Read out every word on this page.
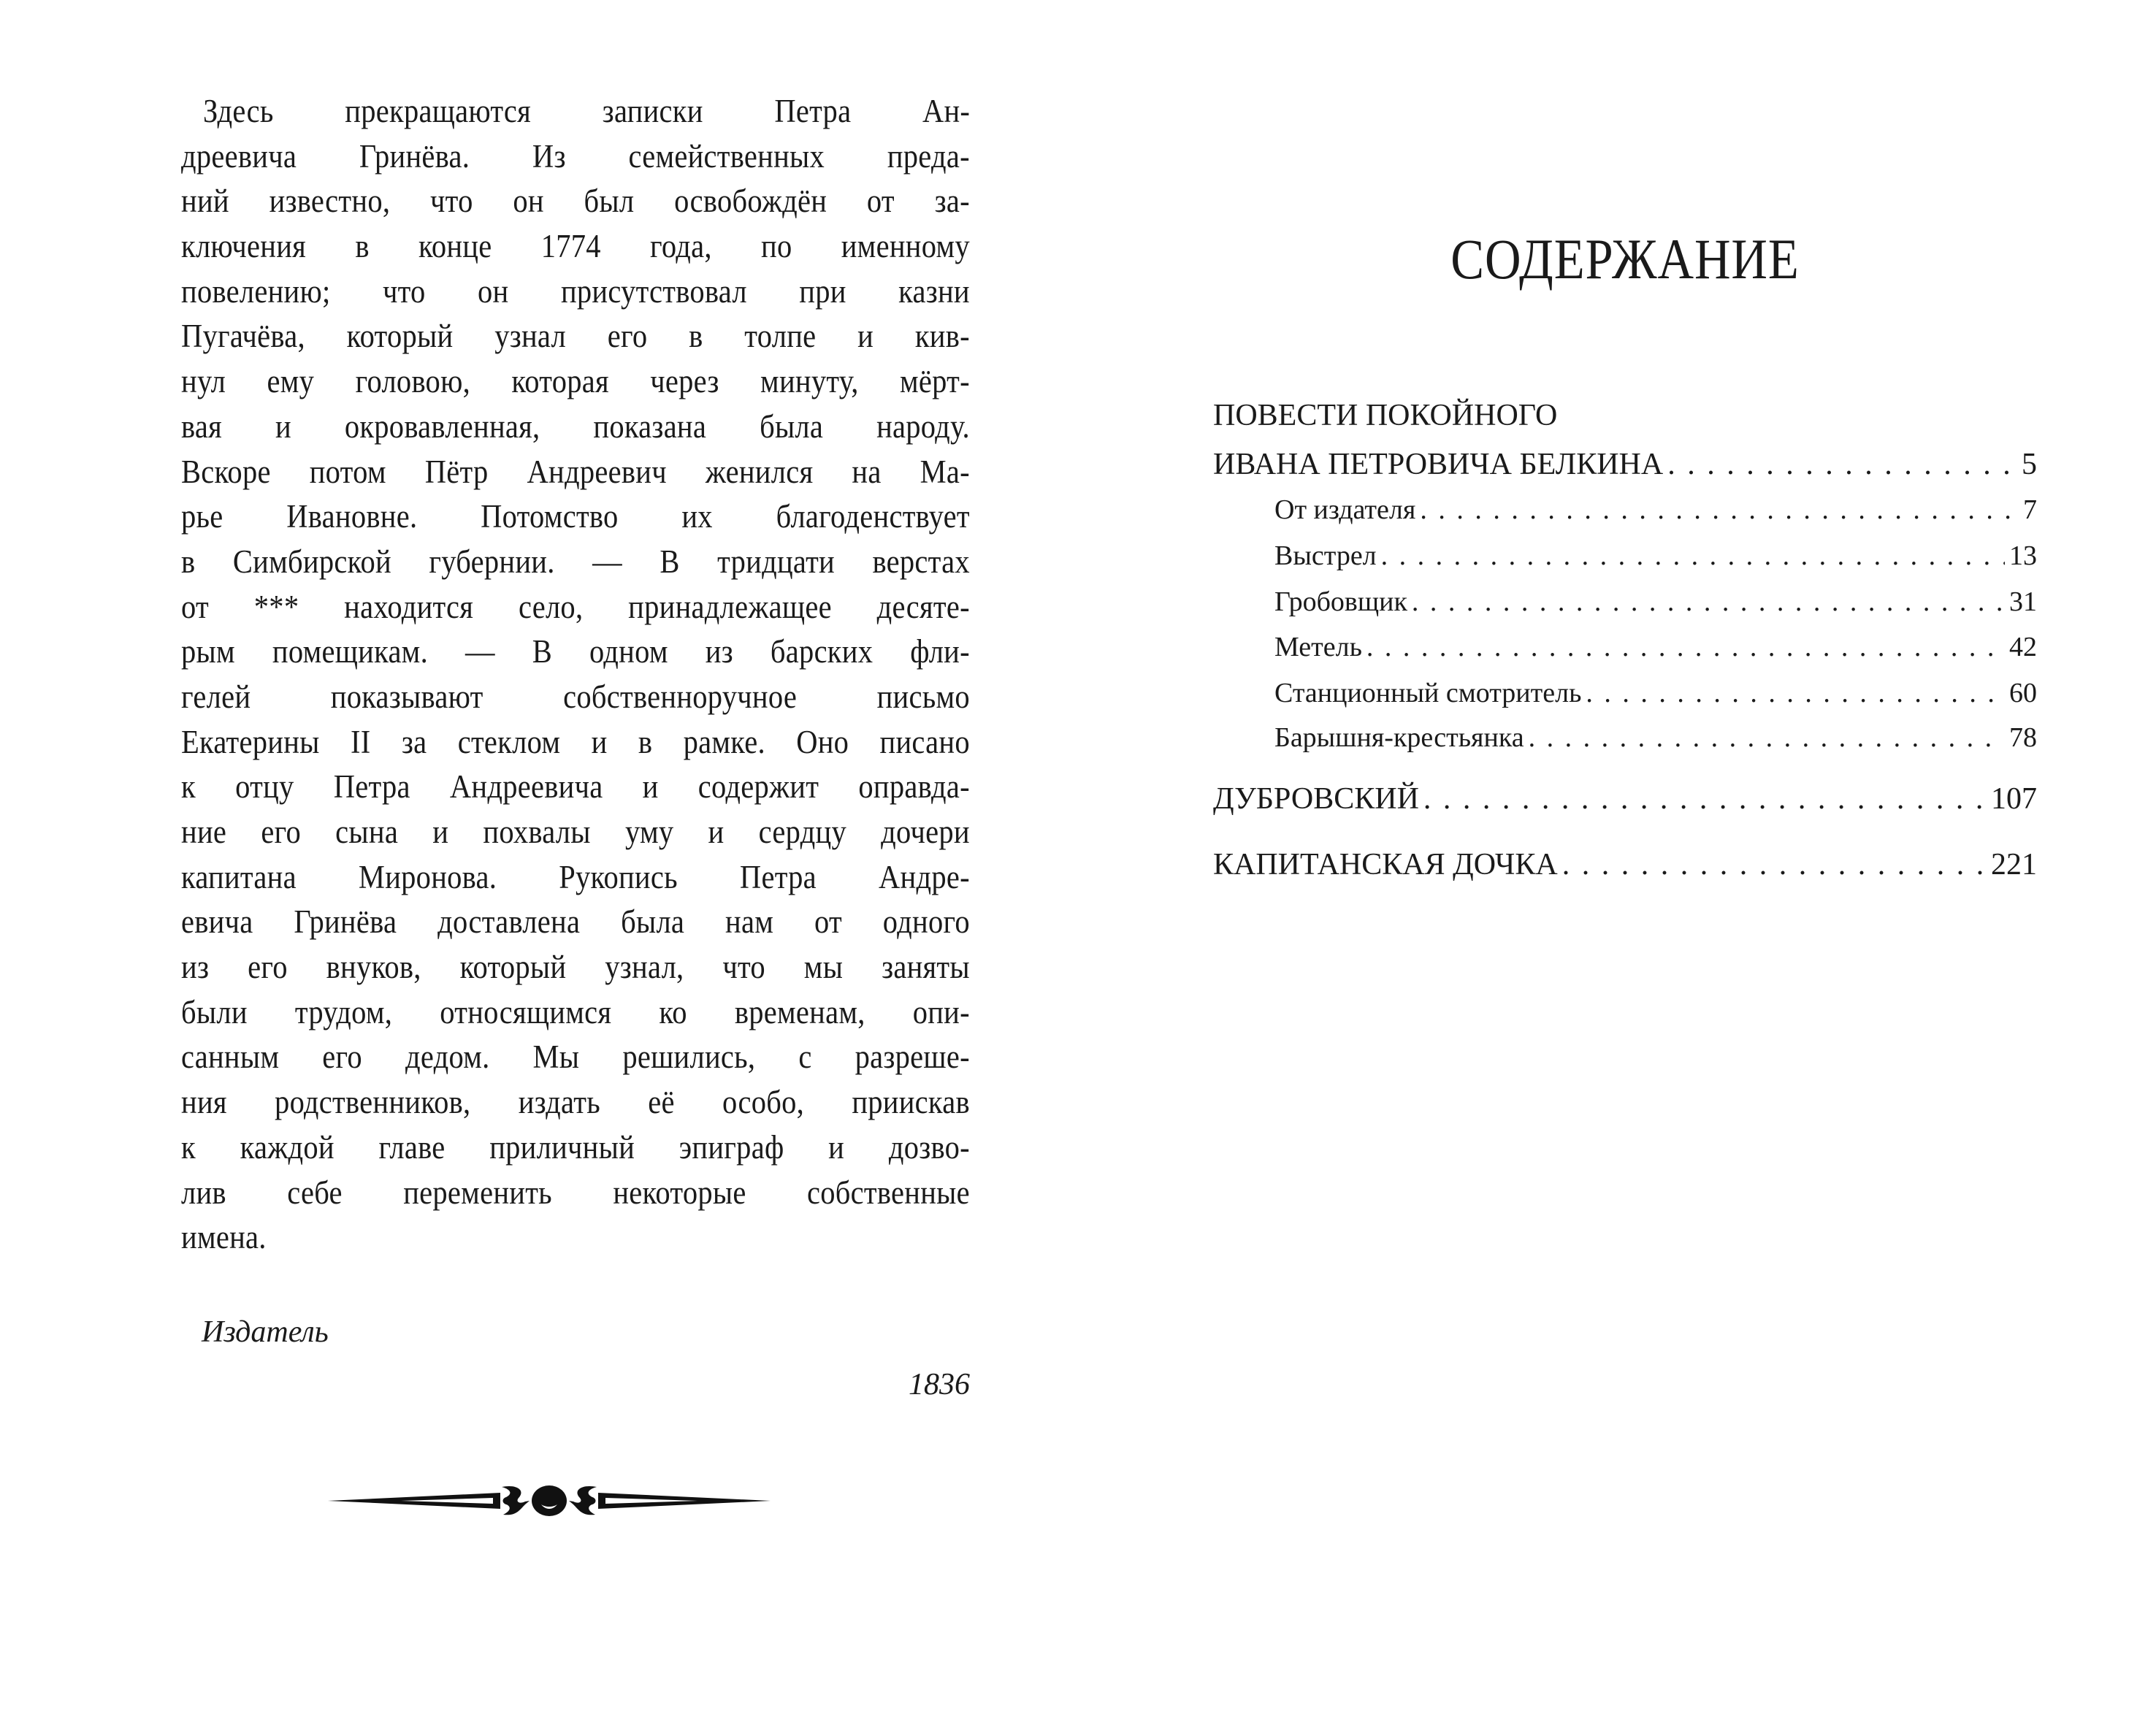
Здесь прекращаются записки Петра Ан-
дреевича Гринёва. Из семейственных преда-
ний известно, что он был освобождён от за-
ключения в конце 1774 года, по именному
повелению; что он присутствовал при казни
Пугачёва, который узнал его в толпе и кив-
нул ему головою, которая через минуту, мёрт-
вая и окровавленная, показана была народу.
Вскоре потом Пётр Андреевич женился на Ма-
рье Ивановне. Потомство их благоденствует
в Симбирской губернии. — В тридцати верстах
от *** находится село, принадлежащее десяте-
рым помещикам. — В одном из барских фли-
гелей показывают собственноручное письмо
Екатерины II за стеклом и в рамке. Оно писано
к отцу Петра Андреевича и содержит оправда-
ние его сына и похвалы уму и сердцу дочери
капитана Миронова. Рукопись Петра Андре-
евича Гринёва доставлена была нам от одного
из его внуков, который узнал, что мы заняты
были трудом, относящимся ко временам, опи-
санным его дедом. Мы решились, с разреше-
ния родственников, издать её особо, приискав
к каждой главе приличный эпиграф и дозво-
лив себе переменить некоторые собственные
имена.
Издатель
1836
СОДЕРЖАНИЕ
ПОВЕСТИ ПОКОЙНОГО
ИВАНА ПЕТРОВИЧА БЕЛКИНА . . .	5
От издателя . . .	7
Выстрел . . .	13
Гробовщик . . .	31
Метель . . .	42
Станционный смотритель . . .	60
Барышня-крестьянка . . .	78
ДУБРОВСКИЙ . . .	107
КАПИТАНСКАЯ ДОЧКА . . .	221
